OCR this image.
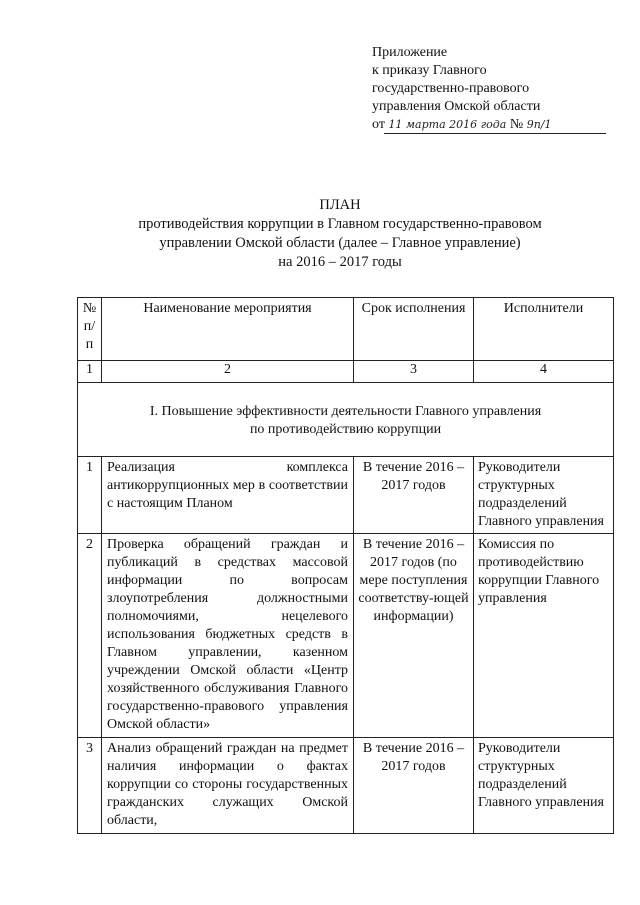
Приложение
к приказу Главного
государственно-правового
управления Омской области
от 11 марта 2016 года № 9п/1
ПЛАН
противодействия коррупции в Главном государственно-правовом
управлении Омской области (далее – Главное управление)
на 2016 – 2017 годы
№ п/п	Наименование мероприятия	Срок исполнения	Исполнители
1	2	3	4

I. Повышение эффективности деятельности Главного управления
по противодействию коррупции			

1	Реализация комплекса антикоррупционных мер в соответствии с настоящим Планом	В течение 2016 – 2017 годов	Руководители структурных подразделений Главного управления
2	Проверка обращений граждан и публикаций в средствах массовой информации по вопросам злоупотребления должностными полномочиями, нецелевого использования бюджетных средств в Главном управлении, казенном учреждении Омской области «Центр хозяйственного обслуживания Главного государственно-правового управления Омской области»	В течение 2016 – 2017 годов (по мере поступления соответству-ющей информации)	Комиссия по противодействию коррупции Главного управления
3	Анализ обращений граждан на предмет наличия информации о фактах коррупции со стороны государственных гражданских служащих Омской области,	В течение 2016 – 2017 годов	Руководители структурных подразделений Главного управления
